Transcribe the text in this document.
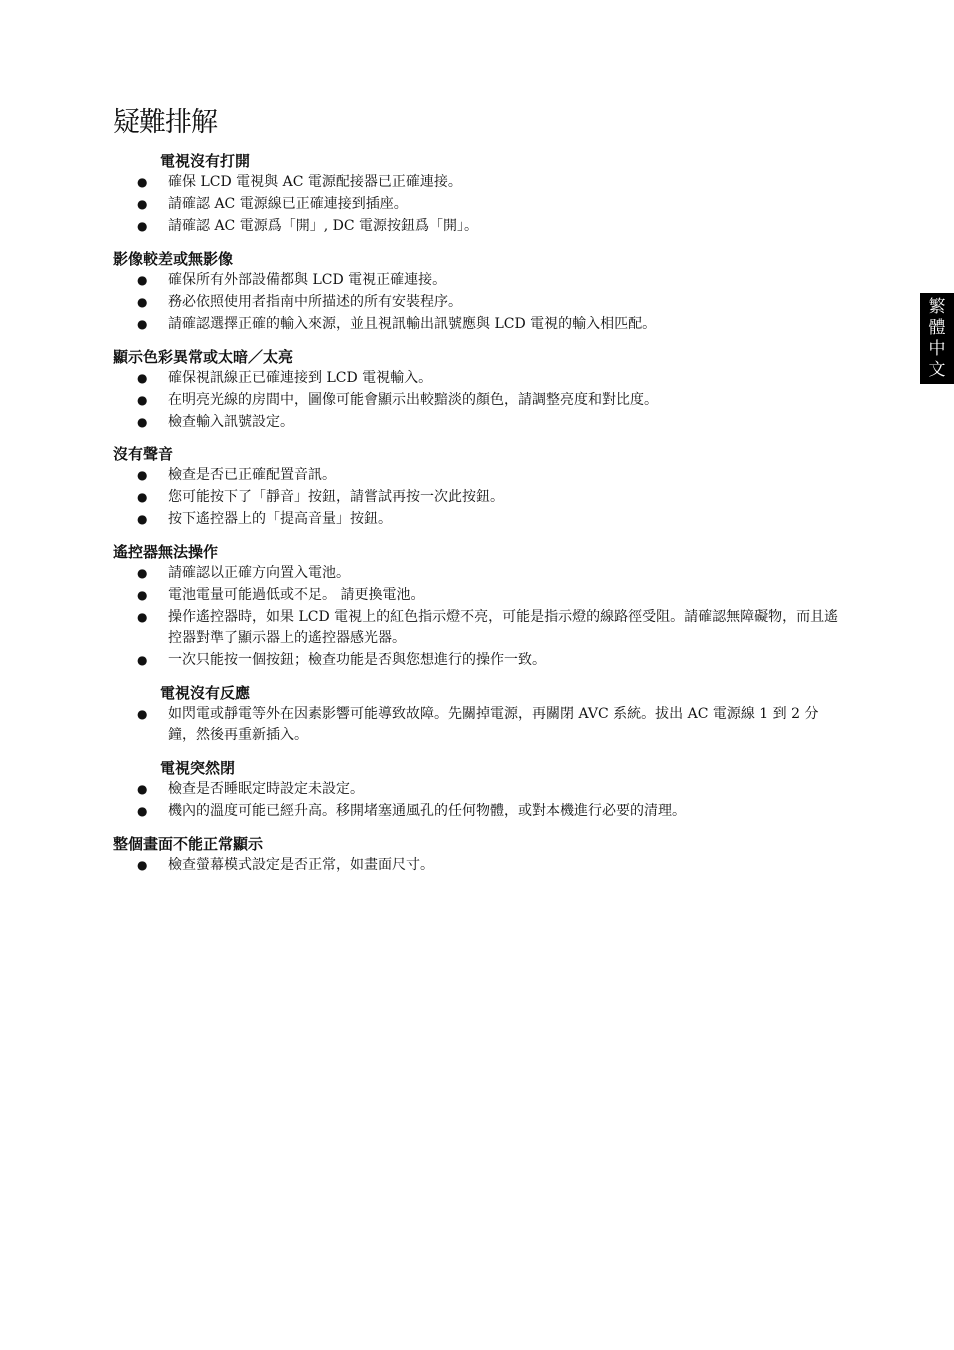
疑難排解
繁
體
中
文
電視沒有打開
● 確保 LCD 電視與 AC 電源配接器已正確連接。
● 請確認 AC 電源線已正確連接到插座。
● 請確認 AC 電源爲「開」, DC 電源按鈕爲「開」。
影像較差或無影像
● 確保所有外部設備都與 LCD 電視正確連接。
● 務必依照使用者指南中所描述的所有安裝程序。
● 請確認選擇正確的輸入來源，並且視訊輸出訊號應與 LCD 電視的輸入相匹配。
顯示色彩異常或太暗／太亮
● 確保視訊線正已確連接到 LCD 電視輸入。
● 在明亮光線的房間中，圖像可能會顯示出較黯淡的顏色，請調整亮度和對比度。
● 檢查輸入訊號設定。
沒有聲音
● 檢查是否已正確配置音訊。
● 您可能按下了「靜音」按鈕，請嘗試再按一次此按鈕。
● 按下遙控器上的「提高音量」按鈕。
遙控器無法操作
● 請確認以正確方向置入電池。
● 電池電量可能過低或不足。 請更換電池。
● 操作遙控器時，如果 LCD 電視上的紅色指示燈不亮，可能是指示燈的線路徑受阻。請確認無障礙物，而且遙控器對準了顯示器上的遙控器感光器。
● 一次只能按一個按鈕；檢查功能是否與您想進行的操作一致。
電視沒有反應
● 如閃電或靜電等外在因素影響可能導致故障。先關掉電源，再關閉 AVC 系統。拔出 AC 電源線 1 到 2 分鐘，然後再重新插入。
電視突然閉
● 檢查是否睡眠定時設定未設定。
● 機內的溫度可能已經升高。移開堵塞通風孔的任何物體，或對本機進行必要的清理。
整個畫面不能正常顯示
● 檢查螢幕模式設定是否正常，如畫面尺寸。
